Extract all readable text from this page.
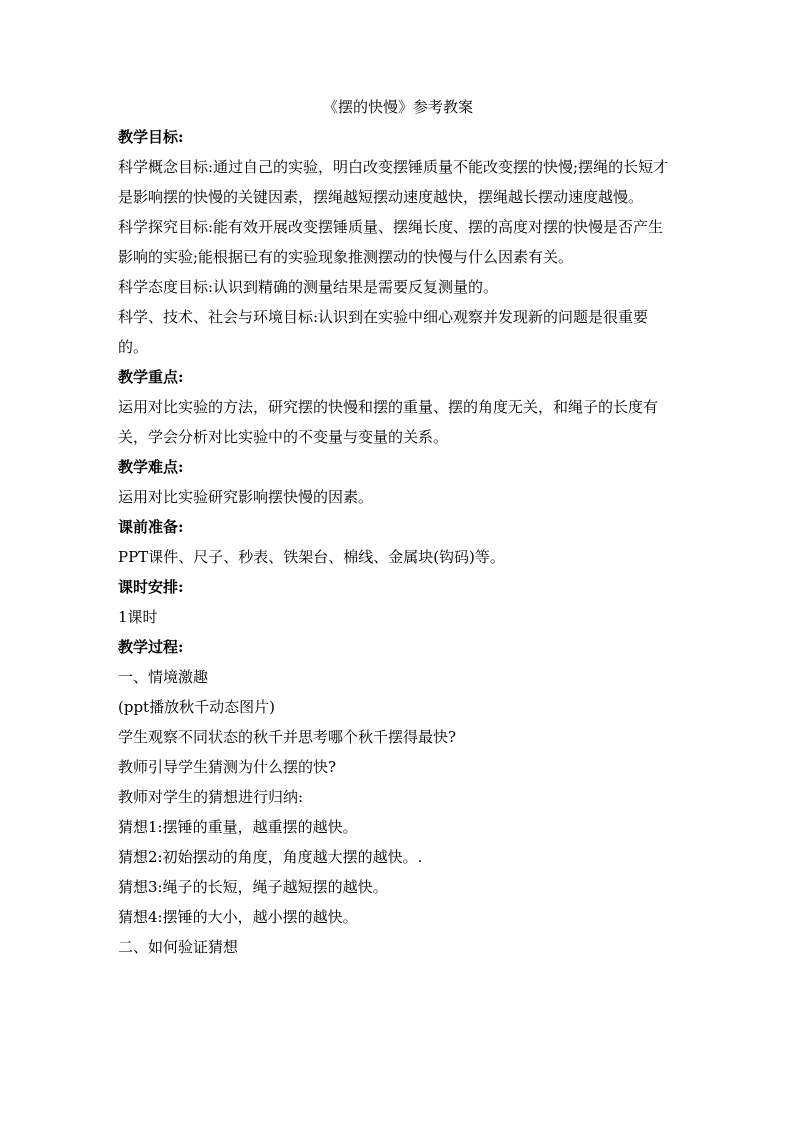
《摆的快慢》参考教案

教学目标:

科学概念目标:通过自己的实验，明白改变摆锤质量不能改变摆的快慢;摆绳的长短才是影响摆的快慢的关键因素，摆绳越短摆动速度越快，摆绳越长摆动速度越慢。

科学探究目标:能有效开展改变摆锤质量、摆绳长度、摆的高度对摆的快慢是否产生影响的实验;能根据已有的实验现象推测摆动的快慢与什么因素有关。

科学态度目标:认识到精确的测量结果是需要反复测量的。

科学、技术、社会与环境目标:认识到在实验中细心观察并发现新的问题是很重要的。

教学重点:

运用对比实验的方法，研究摆的快慢和摆的重量、摆的角度无关，和绳子的长度有关，学会分析对比实验中的不变量与变量的关系。

教学难点:

运用对比实验研究影响摆快慢的因素。

课前准备:

PPT课件、尺子、秒表、铁架台、棉线、金属块(钩码)等。

课时安排:

1课时

教学过程:

一、情境激趣

(ppt播放秋千动态图片)

学生观察不同状态的秋千并思考哪个秋千摆得最快?

教师引导学生猜测为什么摆的快?

教师对学生的猜想进行归纳:

猜想1:摆锤的重量，越重摆的越快。

猜想2:初始摆动的角度，角度越大摆的越快。.

猜想3:绳子的长短，绳子越短摆的越快。

猜想4:摆锤的大小，越小摆的越快。

二、如何验证猜想
